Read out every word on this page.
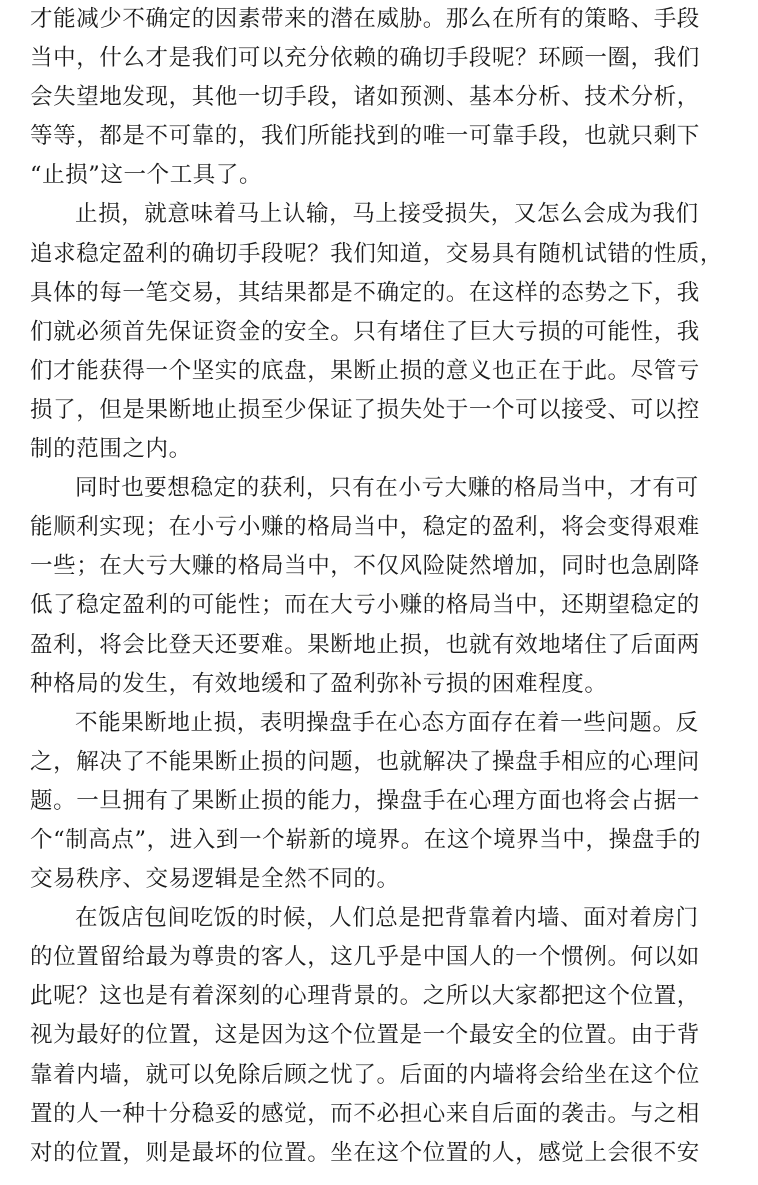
才能减少不确定的因素带来的潜在威胁。那么在所有的策略、手段
当中，什么才是我们可以充分依赖的确切手段呢？环顾一圈，我们
会失望地发现，其他一切手段，诸如预测、基本分析、技术分析，
等等，都是不可靠的，我们所能找到的唯一可靠手段，也就只剩下
“止损”这一个工具了。
止损，就意味着马上认输，马上接受损失，又怎么会成为我们
追求稳定盈利的确切手段呢？我们知道，交易具有随机试错的性质，
具体的每一笔交易，其结果都是不确定的。在这样的态势之下，我
们就必须首先保证资金的安全。只有堵住了巨大亏损的可能性，我
们才能获得一个坚实的底盘，果断止损的意义也正在于此。尽管亏
损了，但是果断地止损至少保证了损失处于一个可以接受、可以控
制的范围之内。
同时也要想稳定的获利，只有在小亏大赚的格局当中，才有可
能顺利实现；在小亏小赚的格局当中，稳定的盈利，将会变得艰难
一些；在大亏大赚的格局当中，不仅风险陡然增加，同时也急剧降
低了稳定盈利的可能性；而在大亏小赚的格局当中，还期望稳定的
盈利，将会比登天还要难。果断地止损，也就有效地堵住了后面两
种格局的发生，有效地缓和了盈利弥补亏损的困难程度。
不能果断地止损，表明操盘手在心态方面存在着一些问题。反
之，解决了不能果断止损的问题，也就解决了操盘手相应的心理问
题。一旦拥有了果断止损的能力，操盘手在心理方面也将会占据一
个“制高点”，进入到一个崭新的境界。在这个境界当中，操盘手的
交易秩序、交易逻辑是全然不同的。
在饭店包间吃饭的时候，人们总是把背靠着内墙、面对着房门
的位置留给最为尊贵的客人，这几乎是中国人的一个惯例。何以如
此呢？这也是有着深刻的心理背景的。之所以大家都把这个位置，
视为最好的位置，这是因为这个位置是一个最安全的位置。由于背
靠着内墙，就可以免除后顾之忧了。后面的内墙将会给坐在这个位
置的人一种十分稳妥的感觉，而不必担心来自后面的袭击。与之相
对的位置，则是最坏的位置。坐在这个位置的人，感觉上会很不安
